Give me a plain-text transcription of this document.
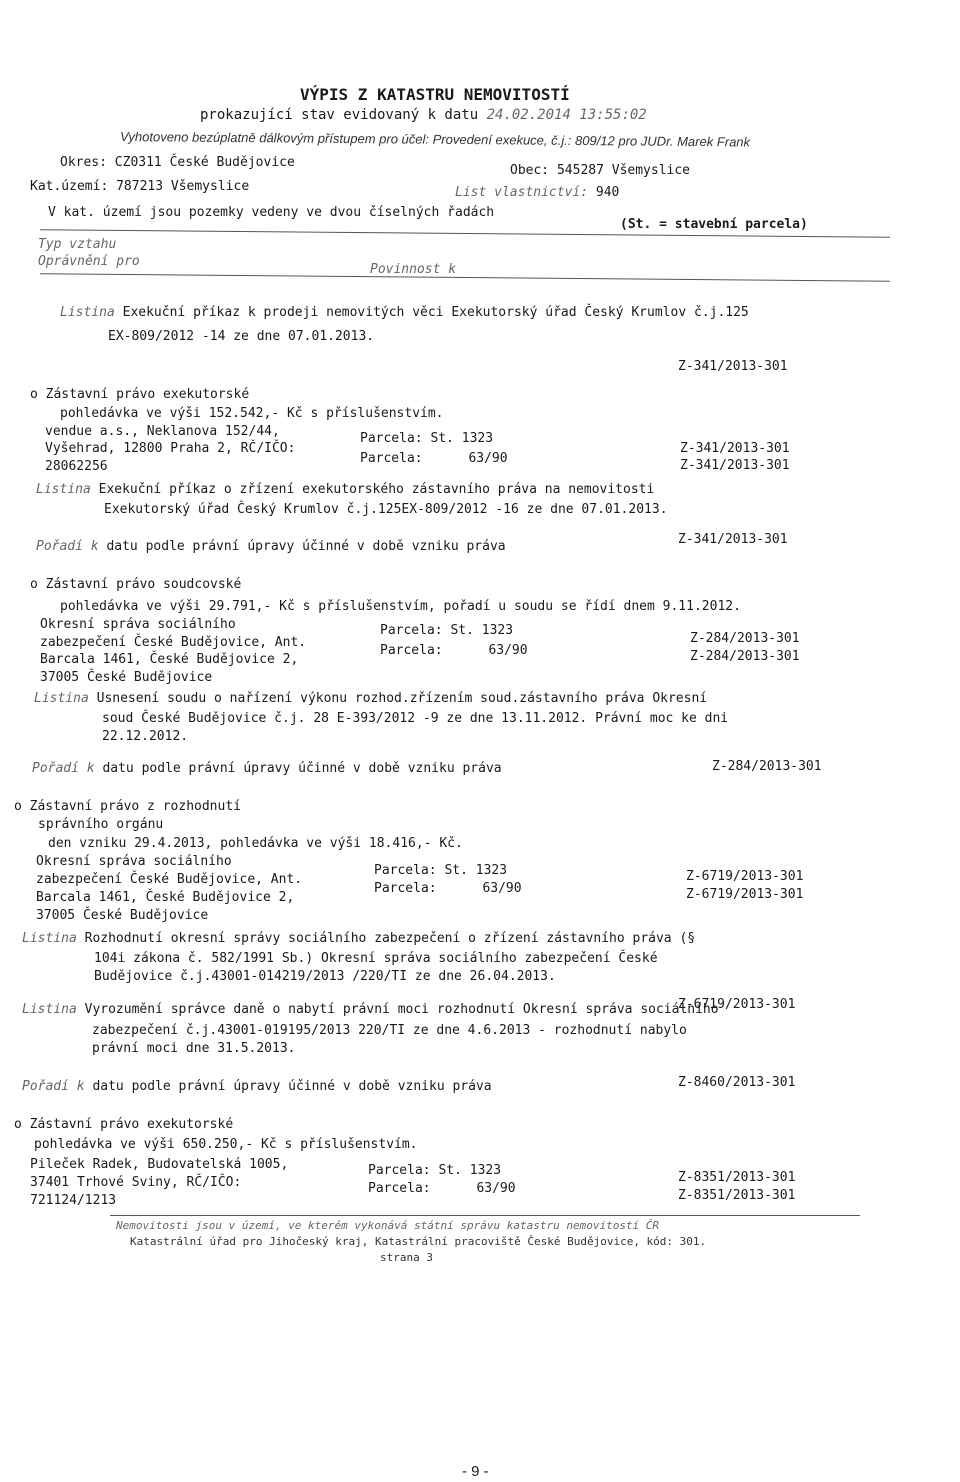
VÝPIS Z KATASTRU NEMOVITOSTÍ
prokazující stav evidovaný k datu 24.02.2014 13:55:02
Vyhotoveno bezúplatně dálkovým přístupem pro účel: Provedení exekuce, č.j.: 809/12 pro JUDr. Marek Frank
Okres: CZ0311 České Budějovice
Obec: 545287 Všemyslice
Kat.území: 787213 Všemyslice	List vlastnictví: 940
V kat. území jsou pozemky vedeny ve dvou číselných řadách
(St. = stavební parcela)
Typ vztahu
Oprávnění pro
Povinnost k
Listina Exekuční příkaz k prodeji nemovitých věci Exekutorský úřad Český Krumlov č.j.125
EX-809/2012 -14 ze dne 07.01.2013.
Z-341/2013-301
o Zástavní právo exekutorské
pohledávka ve výši 152.542,- Kč s příslušenstvím.
vendue a.s., Neklanova 152/44,
Vyšehrad, 12800 Praha 2, RČ/IČO:
28062256
Parcela: St. 1323
Parcela:	63/90
Z-341/2013-301
Z-341/2013-301
Listina Exekuční příkaz o zřízení exekutorského zástavního práva na nemovitosti
Exekutorský úřad Český Krumlov č.j.125EX-809/2012 -16 ze dne 07.01.2013.
Z-341/2013-301
Pořadí k datu podle právní úpravy účinné v době vzniku práva
o Zástavní právo soudcovské
pohledávka ve výši 29.791,- Kč s příslušenstvím, pořadí u soudu se řídí dnem 9.11.2012.
Okresní správa sociálního
zabezpečení České Budějovice, Ant.
Barcala 1461, České Budějovice 2,
37005 České Budějovice
Parcela: St. 1323
Parcela:	63/90
Z-284/2013-301
Z-284/2013-301
Listina Usnesení soudu o nařízení výkonu rozhod.zřízením soud.zástavního práva Okresní
soud České Budějovice č.j. 28 E-393/2012 -9 ze dne 13.11.2012. Právní moc ke dni
22.12.2012.
Pořadí k datu podle právní úpravy účinné v době vzniku práva	Z-284/2013-301
o Zástavní právo z rozhodnutí
správního orgánu
den vzniku 29.4.2013, pohledávka ve výši 18.416,- Kč.
Okresní správa sociálního
zabezpečení České Budějovice, Ant.
Barcala 1461, České Budějovice 2,
37005 České Budějovice
Parcela: St. 1323
Parcela:	63/90
Z-6719/2013-301
Z-6719/2013-301
Listina Rozhodnutí okresní správy sociálního zabezpečení o zřízení zástavního práva (§
104i zákona č. 582/1991 Sb.) Okresní správa sociálního zabezpečení České
Budějovice č.j.43001-014219/2013 /220/TI ze dne 26.04.2013.
Z-6719/2013-301
Listina Vyrozumění správce daně o nabytí právní moci rozhodnutí Okresní správa sociálního
zabezpečení č.j.43001-019195/2013 220/TI ze dne 4.6.2013 - rozhodnutí nabylo
právní moci dne 31.5.2013.
Pořadí k datu podle právní úpravy účinné v době vzniku práva	Z-8460/2013-301
o Zástavní právo exekutorské
pohledávka ve výši 650.250,- Kč s příslušenstvím.
Pileček Radek, Budovatelská 1005,
37401 Trhové Sviny, RČ/IČO:
721124/1213
Parcela: St. 1323
Parcela:	63/90
Z-8351/2013-301
Z-8351/2013-301
Nemovitosti jsou v území, ve kterém vykonává státní správu katastru nemovitostí ČR
Katastrální úřad pro Jihočeský kraj, Katastrální pracoviště České Budějovice, kód: 301.
strana 3
- 9 -
